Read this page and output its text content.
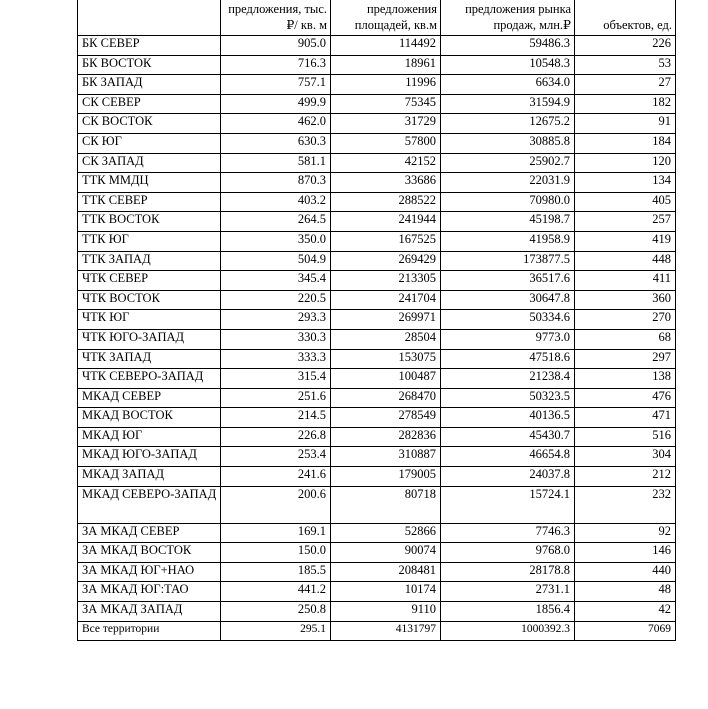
	предложения, тыс.₽/ кв. м	предложения площадей, кв.м	предложения рынка продаж, млн.₽	объектов, ед.
БК СЕВЕР	905.0	114492	59486.3	226
БК ВОСТОК	716.3	18961	10548.3	53
БК ЗАПАД	757.1	11996	6634.0	27
СК СЕВЕР	499.9	75345	31594.9	182
СК ВОСТОК	462.0	31729	12675.2	91
СК ЮГ	630.3	57800	30885.8	184
СК ЗАПАД	581.1	42152	25902.7	120
ТТК ММДЦ	870.3	33686	22031.9	134
ТТК СЕВЕР	403.2	288522	70980.0	405
ТТК ВОСТОК	264.5	241944	45198.7	257
ТТК ЮГ	350.0	167525	41958.9	419
ТТК ЗАПАД	504.9	269429	173877.5	448
ЧТК СЕВЕР	345.4	213305	36517.6	411
ЧТК ВОСТОК	220.5	241704	30647.8	360
ЧТК ЮГ	293.3	269971	50334.6	270
ЧТК ЮГО-ЗАПАД	330.3	28504	9773.0	68
ЧТК ЗАПАД	333.3	153075	47518.6	297
ЧТК СЕВЕРО-ЗАПАД	315.4	100487	21238.4	138
МКАД СЕВЕР	251.6	268470	50323.5	476
МКАД ВОСТОК	214.5	278549	40136.5	471
МКАД ЮГ	226.8	282836	45430.7	516
МКАД ЮГО-ЗАПАД	253.4	310887	46654.8	304
МКАД ЗАПАД	241.6	179005	24037.8	212
МКАД СЕВЕРО-ЗАПАД	200.6	80718	15724.1	232
ЗА МКАД СЕВЕР	169.1	52866	7746.3	92
ЗА МКАД ВОСТОК	150.0	90074	9768.0	146
ЗА МКАД ЮГ+НАО	185.5	208481	28178.8	440
ЗА МКАД ЮГ:ТАО	441.2	10174	2731.1	48
ЗА МКАД ЗАПАД	250.8	9110	1856.4	42
Все территории	295.1	4131797	1000392.3	7069
